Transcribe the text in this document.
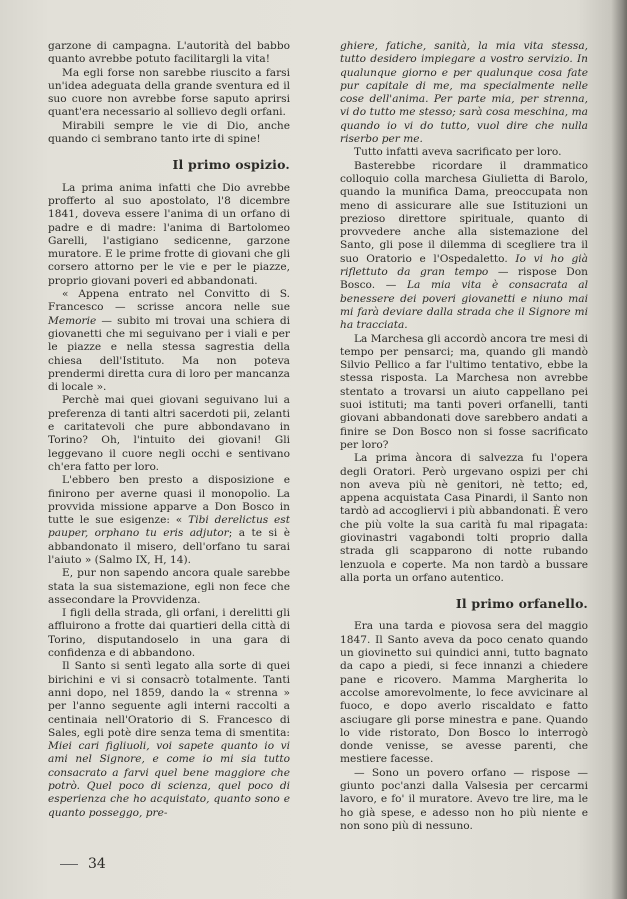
garzone di campagna. L'autorità del babbo quanto avrebbe potuto facilitargli la vita!

Ma egli forse non sarebbe riuscito a farsi un'idea adeguata della grande sventura ed il suo cuore non avrebbe forse saputo aprirsi quant'era necessario al sollievo degli orfani.

Mirabili sempre le vie di Dio, anche quando ci sembrano tanto irte di spine!

Il primo ospizio.

La prima anima infatti che Dio avrebbe profferto al suo apostolato, l'8 dicembre 1841, doveva essere l'anima di un orfano di padre e di madre: l'anima di Bartolomeo Garelli, l'astigiano sedicenne, garzone muratore. E le prime frotte di giovani che gli corsero attorno per le vie e per le piazze, proprio giovani poveri ed abbandonati.

« Appena entrato nel Convitto di S. Francesco — scrisse ancora nelle sue Memorie — subito mi trovai una schiera di giovanetti che mi seguivano per i viali e per le piazze e nella stessa sagrestia della chiesa dell'Istituto. Ma non poteva prendermi diretta cura di loro per mancanza di locale ».

Perchè mai quei giovani seguivano lui a preferenza di tanti altri sacerdoti pii, zelanti e caritatevoli che pure abbondavano in Torino? Oh, l'intuito dei giovani! Gli leggevano il cuore negli occhi e sentivano ch'era fatto per loro.

L'ebbero ben presto a disposizione e finirono per averne quasi il monopolio. La provvida missione apparve a Don Bosco in tutte le sue esigenze: « Tibi derelictus est pauper, orphano tu eris adjutor; a te si è abbandonato il misero, dell'orfano tu sarai l'aiuto » (Salmo IX, H, 14).

E, pur non sapendo ancora quale sarebbe stata la sua sistemazione, egli non fece che assecondare la Provvidenza.

I figli della strada, gli orfani, i derelitti gli affluirono a frotte dai quartieri della città di Torino, disputandoselo in una gara di confidenza e di abbandono.

Il Santo si sentì legato alla sorte di quei birichini e vi si consacrò totalmente. Tanti anni dopo, nel 1859, dando la « strenna » per l'anno seguente agli interni raccolti a centinaia nell'Oratorio di S. Francesco di Sales, egli potè dire senza tema di smentita: Miei cari figliuoli, voi sapete quanto io vi ami nel Signore, e come io mi sia tutto consacrato a farvi quel bene maggiore che potrò. Quel poco di scienza, quel poco di esperienza che ho acquistato, quanto sono e quanto posseggo, pre-

ghiere, fatiche, sanità, la mia vita stessa, tutto desidero impiegare a vostro servizio. In qualunque giorno e per qualunque cosa fate pur capitale di me, ma specialmente nelle cose dell'anima. Per parte mia, per strenna, vi do tutto me stesso; sarà cosa meschina, ma quando io vi do tutto, vuol dire che nulla riserbo per me.

Tutto infatti aveva sacrificato per loro.

Basterebbe ricordare il drammatico colloquio colla marchesa Giulietta di Barolo, quando la munifica Dama, preoccupata non meno di assicurare alle sue Istituzioni un prezioso direttore spirituale, quanto di provvedere anche alla sistemazione del Santo, gli pose il dilemma di scegliere tra il suo Oratorio e l'Ospedaletto. Io vi ho già riflettuto da gran tempo — rispose Don Bosco. — La mia vita è consacrata al benessere dei poveri giovanetti e niuno mai mi farà deviare dalla strada che il Signore mi ha tracciata.

La Marchesa gli accordò ancora tre mesi di tempo per pensarci; ma, quando gli mandò Silvio Pellico a far l'ultimo tentativo, ebbe la stessa risposta. La Marchesa non avrebbe stentato a trovarsi un aiuto cappellano pei suoi istituti; ma tanti poveri orfanelli, tanti giovani abbandonati dove sarebbero andati a finire se Don Bosco non si fosse sacrificato per loro?

La prima àncora di salvezza fu l'opera degli Oratori. Però urgevano ospizi per chi non aveva più nè genitori, nè tetto; ed, appena acquistata Casa Pinardi, il Santo non tardò ad accogliervi i più abbandonati. È vero che più volte la sua carità fu mal ripagata: giovinastri vagabondi tolti proprio dalla strada gli scapparono di notte rubando lenzuola e coperte. Ma non tardò a bussare alla porta un orfano autentico.

Il primo orfanello.

Era una tarda e piovosa sera del maggio 1847. Il Santo aveva da poco cenato quando un giovinetto sui quindici anni, tutto bagnato da capo a piedi, si fece innanzi a chiedere pane e ricovero. Mamma Margherita lo accolse amorevolmente, lo fece avvicinare al fuoco, e dopo averlo riscaldato e fatto asciugare gli porse minestra e pane. Quando lo vide ristorato, Don Bosco lo interrogò donde venisse, se avesse parenti, che mestiere facesse.

— Sono un povero orfano — rispose — giunto poc'anzi dalla Valsesia per cercarmi lavoro, e fo' il muratore. Avevo tre lire, ma le ho già spese, e adesso non ho più niente e non sono più di nessuno.

34
